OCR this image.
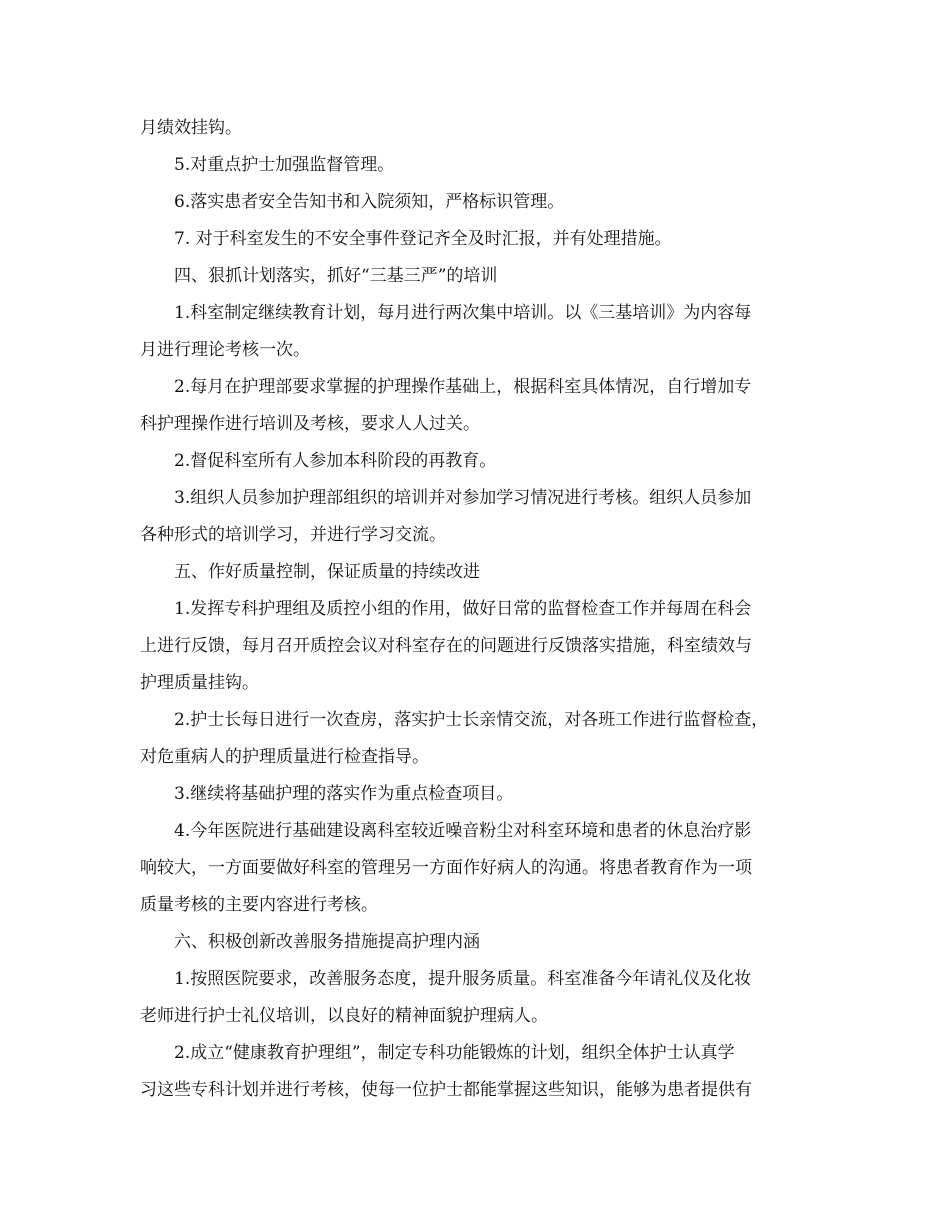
月绩效挂钩。
5.对重点护士加强监督管理。
6.落实患者安全告知书和入院须知，严格标识管理。
7. 对于科室发生的不安全事件登记齐全及时汇报，并有处理措施。
四、狠抓计划落实，抓好“三基三严”的培训
1.科室制定继续教育计划，每月进行两次集中培训。以《三基培训》为内容每
月进行理论考核一次。
2.每月在护理部要求掌握的护理操作基础上，根据科室具体情况，自行增加专
科护理操作进行培训及考核，要求人人过关。
2.督促科室所有人参加本科阶段的再教育。
3.组织人员参加护理部组织的培训并对参加学习情况进行考核。组织人员参加
各种形式的培训学习，并进行学习交流。
五、作好质量控制，保证质量的持续改进
1.发挥专科护理组及质控小组的作用，做好日常的监督检查工作并每周在科会
上进行反馈，每月召开质控会议对科室存在的问题进行反馈落实措施，科室绩效与
护理质量挂钩。
2.护士长每日进行一次查房，落实护士长亲情交流，对各班工作进行监督检查，
对危重病人的护理质量进行检查指导。
3.继续将基础护理的落实作为重点检查项目。
4.今年医院进行基础建设离科室较近噪音粉尘对科室环境和患者的休息治疗影
响较大，一方面要做好科室的管理另一方面作好病人的沟通。将患者教育作为一项
质量考核的主要内容进行考核。
六、积极创新改善服务措施提高护理内涵
1.按照医院要求，改善服务态度，提升服务质量。科室准备今年请礼仪及化妆
老师进行护士礼仪培训，以良好的精神面貌护理病人。
2.成立“健康教育护理组”，制定专科功能锻炼的计划，组织全体护士认真学
习这些专科计划并进行考核，使每一位护士都能掌握这些知识，能够为患者提供有
